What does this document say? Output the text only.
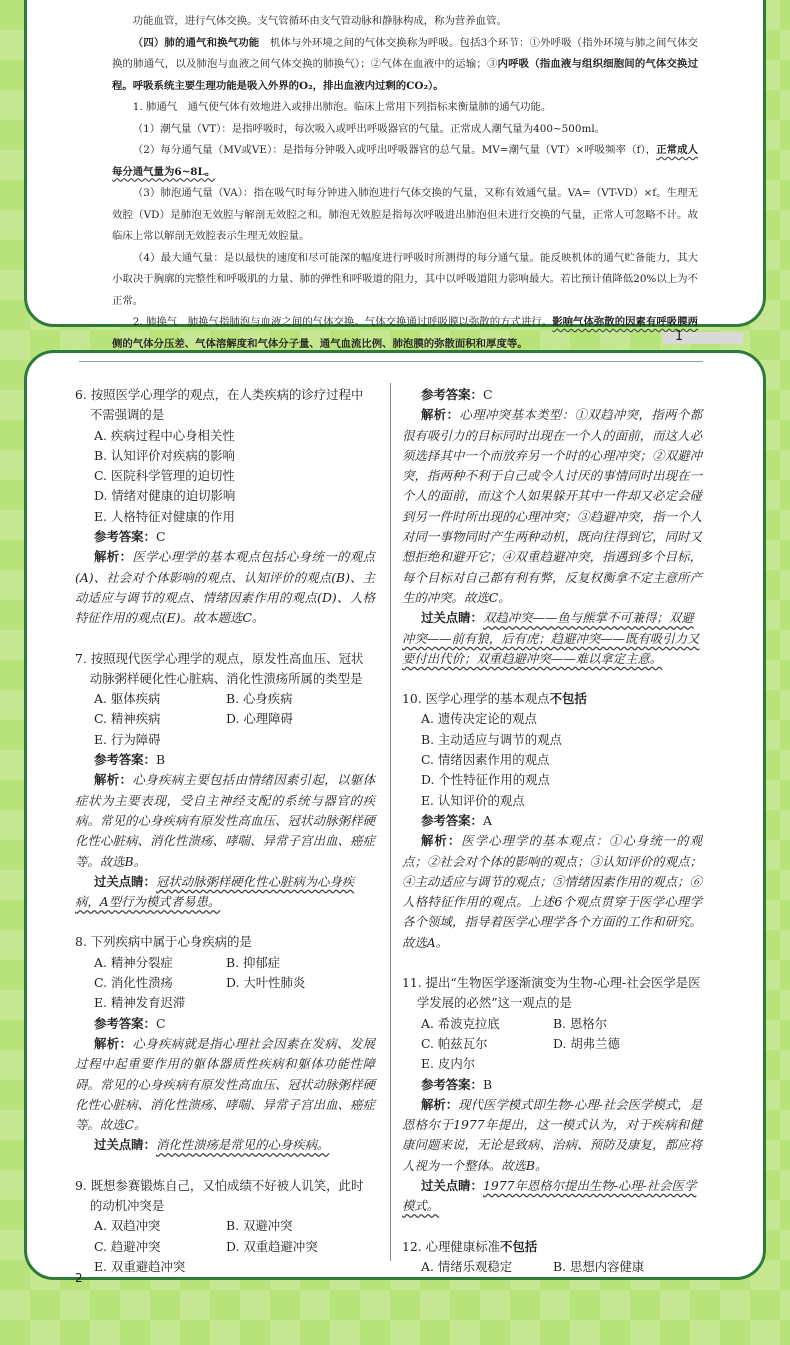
功能血管，进行气体交换。支气管循环由支气管动脉和静脉构成，称为营养血管。

（四）肺的通气和换气功能　机体与外环境之间的气体交换称为呼吸。包括3个环节：①外呼吸（指外环境与肺之间气体交换的肺通气，以及肺泡与血液之间气体交换的肺换气）；②气体在血液中的运输；③内呼吸（指血液与组织细胞间的气体交换过程。呼吸系统主要生理功能是吸入外界的O₂，排出血液内过剩的CO₂）。

1. 肺通气　通气使气体有效地进入或排出肺泡。临床上常用下列指标来衡量肺的通气功能。

（1）潮气量（VT）：是指呼吸时，每次吸入或呼出呼吸器官的气量。正常成人潮气量为400~500ml。

（2）每分通气量（MV或VE）：是指每分钟吸入或呼出呼吸器官的总气量。MV=潮气量（VT）×呼吸频率（f），正常成人每分通气量为6~8L。

（3）肺泡通气量（VA）：指在吸气时每分钟进入肺泡进行气体交换的气量，又称有效通气量。VA=（VT-VD）×f。生理无效腔（VD）是肺泡无效腔与解剖无效腔之和。肺泡无效腔是指每次呼吸进出肺泡但未进行交换的气量，正常人可忽略不计。故临床上常以解剖无效腔表示生理无效腔量。

（4）最大通气量：是以最快的速度和尽可能深的幅度进行呼吸时所测得的每分通气量。能反映机体的通气贮备能力，其大小取决于胸廓的完整性和呼吸肌的力量、肺的弹性和呼吸道的阻力，其中以呼吸道阻力影响最大。若比预计值降低20%以上为不正常。

2. 肺换气　肺换气指肺泡与血液之间的气体交换。气体交换通过呼吸膜以弥散的方式进行。影响气体弥散的因素有呼吸膜两侧的气体分压差、气体溶解度和气体分子量、通气血流比例、肺泡膜的弥散面积和厚度等。	1

6. 按照医学心理学的观点，在人类疾病的诊疗过程中不需强调的是

A. 疾病过程中心身相关性

B. 认知评价对疾病的影响

C. 医院科学管理的迫切性

D. 情绪对健康的迫切影响

E. 人格特征对健康的作用

参考答案：C

解析：医学心理学的基本观点包括心身统一的观点(A)、社会对个体影响的观点、认知评价的观点(B)、主动适应与调节的观点、情绪因素作用的观点(D)、人格特征作用的观点(E)。故本题选C。

7. 按照现代医学心理学的观点，原发性高血压、冠状动脉粥样硬化性心脏病、消化性溃疡所属的类型是

A. 躯体疾病	B. 心身疾病
C. 精神疾病	D. 心理障碍

E. 行为障碍

参考答案：B

解析：心身疾病主要包括由情绪因素引起，以躯体症状为主要表现，受自主神经支配的系统与器官的疾病。常见的心身疾病有原发性高血压、冠状动脉粥样硬化性心脏病、消化性溃疡、哮喘、异常子宫出血、癌症等。故选B。

过关点睛：冠状动脉粥样硬化性心脏病为心身疾病，A型行为模式者易患。

8. 下列疾病中属于心身疾病的是

A. 精神分裂症	B. 抑郁症
C. 消化性溃疡	D. 大叶性肺炎

E. 精神发育迟滞

参考答案：C

解析：心身疾病就是指心理社会因素在发病、发展过程中起重要作用的躯体器质性疾病和躯体功能性障碍。常见的心身疾病有原发性高血压、冠状动脉粥样硬化性心脏病、消化性溃疡、哮喘、异常子宫出血、癌症等。故选C。

过关点睛：消化性溃疡是常见的心身疾病。

9. 既想参赛锻炼自己，又怕成绩不好被人讥笑，此时的动机冲突是

A. 双趋冲突	B. 双避冲突
C. 趋避冲突	D. 双重趋避冲突

E. 双重避趋冲突

参考答案：C

解析：心理冲突基本类型：①双趋冲突，指两个都很有吸引力的目标同时出现在一个人的面前，而这人必须选择其中一个而放弃另一个时的心理冲突；②双避冲突，指两种不利于自己或令人讨厌的事情同时出现在一个人的面前，而这个人如果躲开其中一件却又必定会碰到另一件时所出现的心理冲突；③趋避冲突，指一个人对同一事物同时产生两种动机，既向往得到它，同时又想拒绝和避开它；④双重趋避冲突，指遇到多个目标，每个目标对自己都有利有弊，反复权衡拿不定主意所产生的冲突。故选C。

过关点睛：双趋冲突——鱼与熊掌不可兼得；双避冲突——前有狼，后有虎；趋避冲突——既有吸引力又要付出代价；双重趋避冲突——难以拿定主意。

10. 医学心理学的基本观点不包括

A. 遗传决定论的观点

B. 主动适应与调节的观点

C. 情绪因素作用的观点

D. 个性特征作用的观点

E. 认知评价的观点

参考答案：A

解析：医学心理学的基本观点：①心身统一的观点；②社会对个体的影响的观点；③认知评价的观点；④主动适应与调节的观点；⑤情绪因素作用的观点；⑥人格特征作用的观点。上述6个观点贯穿于医学心理学各个领域，指导着医学心理学各个方面的工作和研究。故选A。

11. 提出“生物医学逐渐演变为生物-心理-社会医学是医学发展的必然”这一观点的是

A. 希波克拉底	B. 恩格尔
C. 帕兹瓦尔	D. 胡弗兰德

E. 皮内尔

参考答案：B

解析：现代医学模式即生物-心理-社会医学模式，是恩格尔于1977年提出，这一模式认为，对于疾病和健康问题来说，无论是致病、治病、预防及康复，都应将人视为一个整体。故选B。

过关点睛：1977年恩格尔提出生物-心理-社会医学模式。

12. 心理健康标准不包括

A. 情绪乐观稳定	B. 思想内容健康
2
